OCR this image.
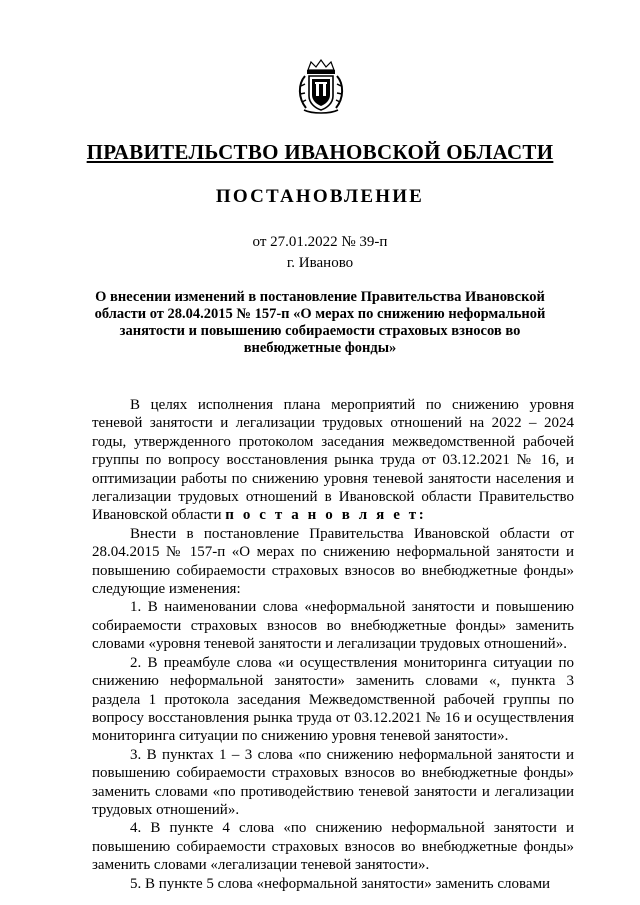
ПРАВИТЕЛЬСТВО ИВАНОВСКОЙ ОБЛАСТИ
ПОСТАНОВЛЕНИЕ
от 27.01.2022 № 39-п
г. Иваново
О внесении изменений в постановление Правительства Ивановской области от 28.04.2015 № 157-п «О мерах по снижению неформальной занятости и повышению собираемости страховых взносов во внебюджетные фонды»

В целях исполнения плана мероприятий по снижению уровня теневой занятости и легализации трудовых отношений на 2022 – 2024 годы, утвержденного протоколом заседания межведомственной рабочей группы по вопросу восстановления рынка труда от 03.12.2021 № 16, и оптимизации работы по снижению уровня теневой занятости населения и легализации трудовых отношений в Ивановской области Правительство Ивановской области п о с т а н о в л я е т:

Внести в постановление Правительства Ивановской области от 28.04.2015 № 157-п «О мерах по снижению неформальной занятости и повышению собираемости страховых взносов во внебюджетные фонды» следующие изменения:

1. В наименовании слова «неформальной занятости и повышению собираемости страховых взносов во внебюджетные фонды» заменить словами «уровня теневой занятости и легализации трудовых отношений».

2. В преамбуле слова «и осуществления мониторинга ситуации по снижению неформальной занятости» заменить словами «, пункта 3 раздела 1 протокола заседания Межведомственной рабочей группы по вопросу восстановления рынка труда от 03.12.2021 № 16 и осуществления мониторинга ситуации по снижению уровня теневой занятости».

3. В пунктах 1 – 3 слова «по снижению неформальной занятости и повышению собираемости страховых взносов во внебюджетные фонды» заменить словами «по противодействию теневой занятости и легализации трудовых отношений».

4. В пункте 4 слова «по снижению неформальной занятости и повышению собираемости страховых взносов во внебюджетные фонды» заменить словами «легализации теневой занятости».

5. В пункте 5 слова «неформальной занятости» заменить словами
